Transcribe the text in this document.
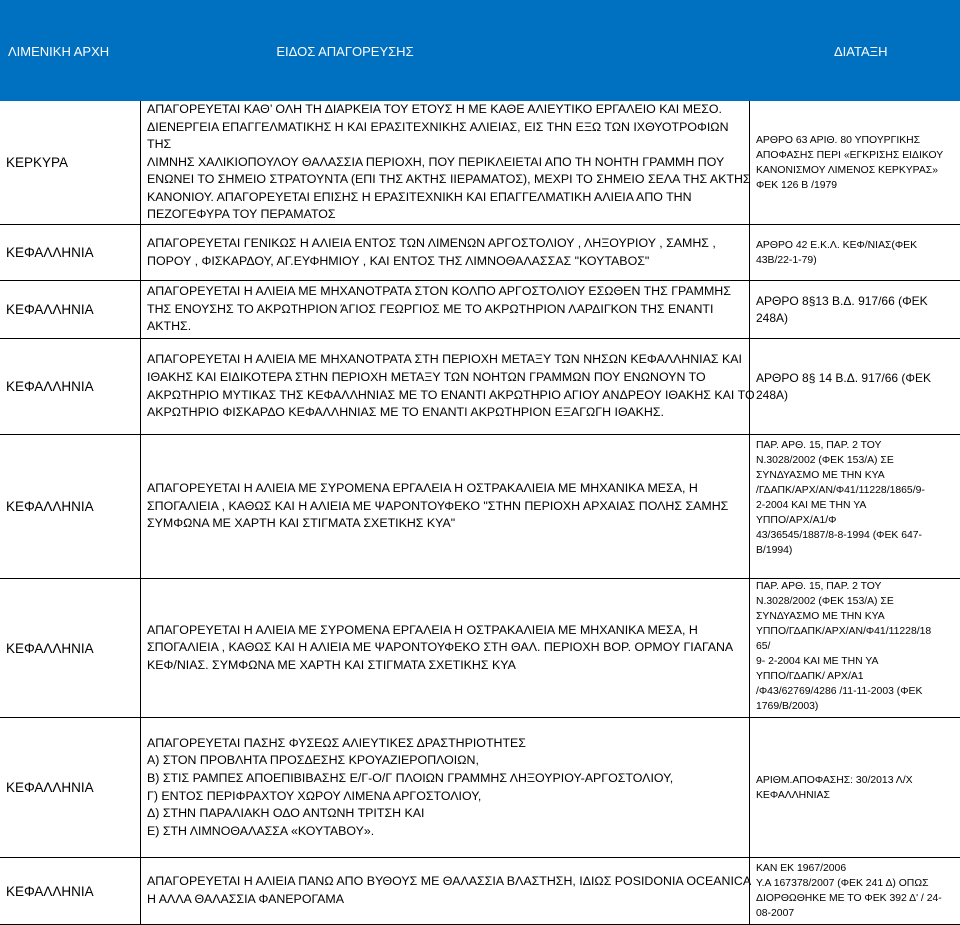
ΛΙΜΕΝΙΚΗ ΑΡΧΗ	ΕΙΔΟΣ ΑΠΑΓΟΡΕΥΣΗΣ	ΔΙΑΤΑΞΗ
ΚΕΡΚΥΡΑ
ΑΠΑΓΟΡΕΥΕΤΑΙ ΚΑΘ’ ΟΛΗ ΤΗ ΔΙΑΡΚΕΙΑ ΤΟΥ ΕΤΟΥΣ Η ΜΕ ΚΑΘΕ ΑΛΙΕΥΤΙΚΟ ΕΡΓΑΛΕΙΟ ΚΑΙ ΜΕΣΟ.
ΔΙΕΝΕΡΓΕΙΑ ΕΠΑΓΓΕΛΜΑΤΙΚΗΣ Η ΚΑΙ ΕΡΑΣΙΤΕΧΝΙΚΗΣ ΑΛΙΕΙΑΣ, ΕΙΣ ΤΗΝ ΕΞΩ ΤΩΝ ΙΧΘΥΟΤΡΟΦΙΩΝ ΤΗΣ
ΛΙΜΝΗΣ ΧΑΛΙΚΙΟΠΟΥΛΟΥ ΘΑΛΑΣΣΙΑ ΠΕΡΙΟΧΗ, ΠΟΥ ΠΕΡΙΚΛΕΙΕΤΑΙ ΑΠΟ ΤΗ ΝΟΗΤΗ ΓΡΑΜΜΗ ΠΟΥ
ΕΝΩΝΕΙ ΤΟ ΣΗΜΕΙΟ ΣΤΡΑΤΟΥΝΤΑ (ΕΠΙ ΤΗΣ ΑΚΤΗΣ ΙΙΕΡΑΜΑΤΟΣ), ΜΕΧΡΙ ΤΟ ΣΗΜΕΙΟ ΣΕΛΑ ΤΗΣ ΑΚΤΗΣ
ΚΑΝΟΝΙΟΥ. ΑΠΑΓΟΡΕΥΕΤΑΙ ΕΠΙΣΗΣ Η ΕΡΑΣΙΤΕΧΝΙΚΗ ΚΑΙ ΕΠΑΓΓΕΛΜΑΤΙΚΗ ΑΛΙΕΙΑ ΑΠΟ ΤΗΝ
ΠΕΖΟΓΕΦΥΡΑ ΤΟΥ ΠΕΡΑΜΑΤΟΣ
ΑΡΘΡΟ 63 ΑΡΙΘ. 80 ΥΠΟΥΡΓΙΚΗΣ
ΑΠΟΦΑΣΗΣ ΠΕΡΙ «ΕΓΚΡΙΣΗΣ ΕΙΔΙΚΟΥ
ΚΑΝΟΝΙΣΜΟΥ ΛΙΜΕΝΟΣ ΚΕΡΚΥΡΑΣ»
ΦΕΚ 126 Β /1979
ΚΕΦΑΛΛΗΝΙΑ
ΑΠΑΓΟΡΕΥΕΤΑΙ ΓΕΝΙΚΩΣ Η ΑΛΙΕΙΑ ΕΝΤΟΣ ΤΩΝ ΛΙΜΕΝΩΝ ΑΡΓΟΣΤΟΛΙΟΥ , ΛΗΞΟΥΡΙΟΥ , ΣΑΜΗΣ ,
ΠΟΡΟΥ , ΦΙΣΚΑΡΔΟΥ, ΑΓ.ΕΥΦΗΜΙΟΥ , ΚΑΙ ΕΝΤΟΣ ΤΗΣ ΛΙΜΝΟΘΑΛΑΣΣΑΣ "ΚΟΥΤΑΒΟΣ"
ΑΡΘΡΟ 42 Ε.Κ.Λ. ΚΕΦ/ΝΙΑΣ(ΦΕΚ
43Β/22-1-79)
ΚΕΦΑΛΛΗΝΙΑ
ΑΠΑΓΟΡΕΥΕΤΑΙ Η ΑΛΙΕΙΑ ΜΕ ΜΗΧΑΝΟΤΡΑΤΑ ΣΤΟΝ ΚΟΛΠΟ ΑΡΓΟΣΤΟΛΙΟΥ ΕΣΩΘΕΝ ΤΗΣ ΓΡΑΜΜΗΣ
ΤΗΣ ΕΝΟΥΣΗΣ ΤΟ ΑΚΡΩΤΗΡΙΟΝ ΆΓΙΟΣ ΓΕΩΡΓΙΟΣ ΜΕ ΤΟ ΑΚΡΩΤΗΡΙΟΝ ΛΑΡΔΙΓΚΟΝ ΤΗΣ ΕΝΑΝΤΙ ΑΚΤΗΣ.
ΑΡΘΡΟ 8§13 Β.Δ. 917/66 (ΦΕΚ 248Α)
ΚΕΦΑΛΛΗΝΙΑ
ΑΠΑΓΟΡΕΥΕΤΑΙ Η ΑΛΙΕΙΑ ΜΕ ΜΗΧΑΝΟΤΡΑΤΑ ΣΤΗ ΠΕΡΙΟΧΗ ΜΕΤΑΞΥ ΤΩΝ ΝΗΣΩΝ ΚΕΦΑΛΛΗΝΙΑΣ ΚΑΙ
ΙΘΑΚΗΣ ΚΑΙ ΕΙΔΙΚΟΤΕΡΑ ΣΤΗΝ ΠΕΡΙΟΧΗ ΜΕΤΑΞΥ ΤΩΝ ΝΟΗΤΩΝ ΓΡΑΜΜΩΝ ΠΟΥ ΕΝΩΝΟΥΝ ΤΟ
ΑΚΡΩΤΗΡΙΟ ΜΥΤΙΚΑΣ ΤΗΣ ΚΕΦΑΛΛΗΝΙΑΣ ΜΕ ΤΟ ΕΝΑΝΤΙ ΑΚΡΩΤΗΡΙΟ ΑΓΙΟΥ ΑΝΔΡΕΟΥ ΙΘΑΚΗΣ ΚΑΙ ΤΟ
ΑΚΡΩΤΗΡΙΟ ΦΙΣΚΑΡΔΟ ΚΕΦΑΛΛΗΝΙΑΣ ΜΕ ΤΟ ΕΝΑΝΤΙ ΑΚΡΩΤΗΡΙΟΝ ΕΞΑΓΩΓΗ ΙΘΑΚΗΣ.
ΑΡΘΡΟ 8§ 14 Β.Δ. 917/66 (ΦΕΚ 248Α)
ΚΕΦΑΛΛΗΝΙΑ
ΑΠΑΓΟΡΕΥΕΤΑΙ Η ΑΛΙΕΙΑ ΜΕ ΣΥΡΟΜΕΝΑ ΕΡΓΑΛΕΙΑ Η ΟΣΤΡΑΚΑΛΙΕΙΑ ΜΕ ΜΗΧΑΝΙΚΑ ΜΕΣΑ, Η
ΣΠΟΓΑΛΙΕΙΑ , ΚΑΘΩΣ ΚΑΙ Η ΑΛΙΕΙΑ ΜΕ ΨΑΡΟΝΤΟΥΦΕΚΟ "ΣΤΗΝ ΠΕΡΙΟΧΗ ΑΡΧΑΙΑΣ ΠΟΛΗΣ ΣΑΜΗΣ
ΣΥΜΦΩΝΑ ΜΕ ΧΑΡΤΗ ΚΑΙ ΣΤΙΓΜΑΤΑ ΣΧΕΤΙΚΗΣ ΚΥΑ"
ΠΑΡ. ΑΡΘ. 15, ΠΑΡ. 2 ΤΟΥ
Ν.3028/2002 (ΦΕΚ 153/Α) ΣΕ
ΣΥΝΔΥΑΣΜΟ ΜΕ ΤΗΝ ΚΥΑ
/ΓΔΑΠΚ/ΑΡΧ/ΑΝ/Φ41/11228/1865/9-
2-2004 ΚΑΙ ΜΕ ΤΗΝ ΥΑ
ΥΠΠΟ/ΑΡΧ/Α1/Φ
43/36545/1887/8-8-1994 (ΦΕΚ 647-
Β/1994)
ΚΕΦΑΛΛΗΝΙΑ
ΑΠΑΓΟΡΕΥΕΤΑΙ Η ΑΛΙΕΙΑ ΜΕ ΣΥΡΟΜΕΝΑ ΕΡΓΑΛΕΙΑ Η ΟΣΤΡΑΚΑΛΙΕΙΑ ΜΕ ΜΗΧΑΝΙΚΑ ΜΕΣΑ, Η
ΣΠΟΓΑΛΙΕΙΑ , ΚΑΘΩΣ ΚΑΙ Η ΑΛΙΕΙΑ ΜΕ ΨΑΡΟΝΤΟΥΦΕΚΟ ΣΤΗ ΘΑΛ. ΠΕΡΙΟΧΗ ΒΟΡ. ΟΡΜΟΥ ΓΙΑΓΑΝΑ
ΚΕΦ/ΝΙΑΣ. ΣΥΜΦΩΝΑ ΜΕ ΧΑΡΤΗ ΚΑΙ ΣΤΙΓΜΑΤΑ ΣΧΕΤΙΚΗΣ ΚΥΑ
ΠΑΡ. ΑΡΘ. 15, ΠΑΡ. 2 ΤΟΥ
Ν.3028/2002 (ΦΕΚ 153/Α) ΣΕ
ΣΥΝΔΥΑΣΜΟ ΜΕ ΤΗΝ ΚΥΑ
ΥΠΠΟ/ΓΔΑΠΚ/ΑΡΧ/ΑΝ/Φ41/11228/18
65/
9- 2-2004 ΚΑΙ ΜΕ ΤΗΝ ΥΑ
ΥΠΠΟ/ΓΔΑΠΚ/ ΑΡΧ/Α1
/Φ43/62769/4286 /11-11-2003 (ΦΕΚ
1769/Β/2003)
ΚΕΦΑΛΛΗΝΙΑ
ΑΠΑΓΟΡΕΥΕΤΑΙ ΠΑΣΗΣ ΦΥΣΕΩΣ ΑΛΙΕΥΤΙΚΕΣ ΔΡΑΣΤΗΡΙΟΤΗΤΕΣ
Α) ΣΤΟΝ ΠΡΟΒΛΗΤΑ ΠΡΟΣΔΕΣΗΣ ΚΡΟΥΑΖΙΕΡΟΠΛΟΙΩΝ,
Β) ΣΤΙΣ ΡΑΜΠΕΣ ΑΠΟΕΠΙΒΙΒΑΣΗΣ Ε/Γ-Ο/Γ ΠΛΟΙΩΝ ΓΡΑΜΜΗΣ ΛΗΞΟΥΡΙΟΥ-ΑΡΓΟΣΤΟΛΙΟΥ,
Γ) ΕΝΤΟΣ ΠΕΡΙΦΡΑΧΤΟΥ ΧΩΡΟΥ ΛΙΜΕΝΑ ΑΡΓΟΣΤΟΛΙΟΥ,
Δ) ΣΤΗΝ ΠΑΡΑΛΙΑΚΗ ΟΔΟ ΑΝΤΩΝΗ ΤΡΙΤΣΗ ΚΑΙ
Ε) ΣΤΗ ΛΙΜΝΟΘΑΛΑΣΣΑ «ΚΟΥΤΑΒΟΥ».
ΑΡΙΘΜ.ΑΠΟΦΑΣΗΣ: 30/2013 Λ/Χ
ΚΕΦΑΛΛΗΝΙΑΣ
ΚΕΦΑΛΛΗΝΙΑ
ΑΠΑΓΟΡΕΥΕΤΑΙ Η ΑΛΙΕΙΑ ΠΑΝΩ ΑΠΟ ΒΥΘΟΥΣ ΜΕ ΘΑΛΑΣΣΙΑ ΒΛΑΣΤΗΣΗ, ΙΔΙΩΣ POSIDONIA OCEANICA
Η ΑΛΛΑ ΘΑΛΑΣΣΙΑ ΦΑΝΕΡΟΓΑΜΑ
ΚΑΝ ΕΚ 1967/2006
Υ.Α 167378/2007 (ΦΕΚ 241 Δ) ΟΠΩΣ
ΔΙΟΡΘΩΘΗΚΕ ΜΕ ΤΟ ΦΕΚ 392 Δ' / 24-
08-2007
